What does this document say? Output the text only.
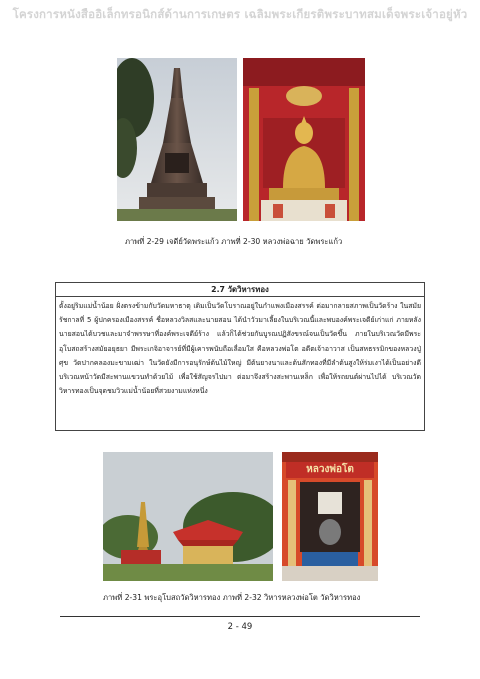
โครงการหนังสืออิเล็กทรอนิกส์ด้านการเกษตร เฉลิมพระเกียรติพระบาทสมเด็จพระเจ้าอยู่หัว
ภาพที่ 2-29 เจดีย์วัดพระแก้ว ภาพที่ 2-30 หลวงพ่อฉาย วัดพระแก้ว
2.7 วัดวิหารทอง
ตั้งอยู่ริมแม่น้ำน้อย ฝั่งตรงข้ามกับวัดมหาธาตุ เดิมเป็นวัดโบราณอยู่ในกำแพงเมืองสรรค์ ต่อมากลายสภาพเป็นวัดร้าง ในสมัยรัชกาลที่ 5 ผู้ปกครองเมืองสรรค์ ชื่อหลวงวิลสและนายสอน ได้นำวัวมาเลี้ยงในบริเวณนี้และพบองค์พระเจดีย์เก่าแก่ ภายหลังนายสอนได้บวชและมาจำพรรษาที่องค์พระเจดีย์ร้าง แล้วก็ได้ช่วยกันบูรณปฏิสังขรณ์จนเป็นวัดขึ้น ภายในบริเวณวัดมีพระอุโบสถสร้างสมัยอยุธยา มีพระเกจิอาจารย์ที่มีผู้เคารพนับถือเลื่อมใส คือหลวงพ่อโต อดีตเจ้าอาวาส เป็นสหธรรมิกของหลวงปู่ศุข วัดปากคลองมะขามเฒ่า ในวัดยังมีการอนุรักษ์ต้นไม้ใหญ่ มีต้นยางนาและต้นสักทองที่มีลำต้นสูงให้ร่มเงาได้เป็นอย่างดี บริเวณหน้าวัดมีสะพานแขวนทำด้วยไม้ เพื่อใช้สัญจรไปมา ต่อมาจึงสร้างสะพานเหล็ก เพื่อให้รถยนต์ผ่านไปได้ บริเวณวัดวิหารทองเป็นจุดชมวิวแม่น้ำน้อยที่สวยงามแห่งหนึ่ง
หลวงพ่อโต
ภาพที่ 2-31 พระอุโบสถวัดวิหารทอง ภาพที่ 2-32 วิหารหลวงพ่อโต วัดวิหารทอง
2 - 49
